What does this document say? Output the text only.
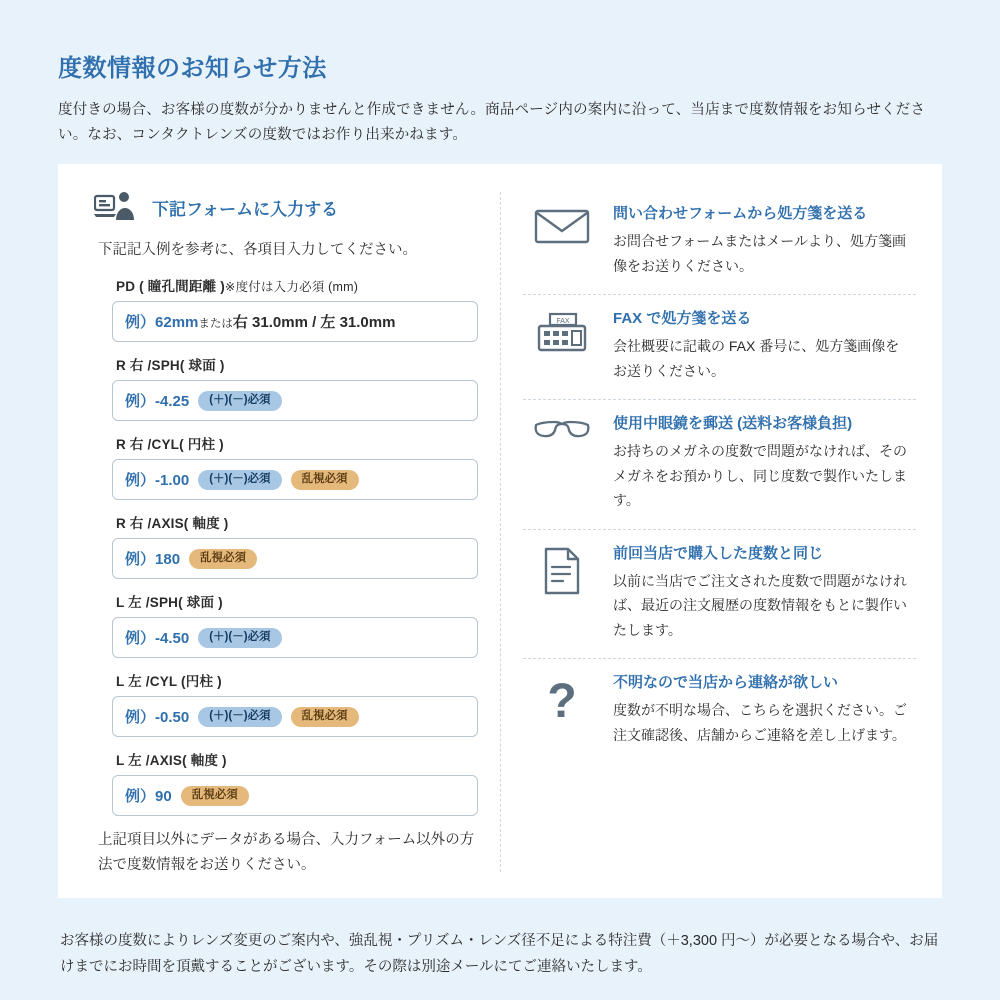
度数情報のお知らせ方法

度付きの場合、お客様の度数が分かりませんと作成できません。商品ページ内の案内に沿って、当店まで度数情報をお知らせください。なお、コンタクトレンズの度数ではお作り出来かねます。

下記フォームに入力する

下記記入例を参考に、各項目入力してください。

PD ( 瞳孔間距離 )※度付は入力必須 (mm)
例）62mmまたは右 31.0mm / 左 31.0mm
R 右 /SPH( 球面 )
例）-4.25	(＋)(－)必須
R 右 /CYL( 円柱 )
例）-1.00	(＋)(－)必須	乱視必須
R 右 /AXIS( 軸度 )
例）180	乱視必須
L 左 /SPH( 球面 )
例）-4.50	(＋)(－)必須
L 左 /CYL (円柱 )
例）-0.50	(＋)(－)必須	乱視必須
L 左 /AXIS( 軸度 )
例）90	乱視必須

上記項目以外にデータがある場合、入力フォーム以外の方法で度数情報をお送りください。

問い合わせフォームから処方箋を送る
お問合せフォームまたはメールより、処方箋画像をお送りください。
FAX	FAX で処方箋を送る
会社概要に記載の FAX 番号に、処方箋画像をお送りください。
使用中眼鏡を郵送 (送料お客様負担)
お持ちのメガネの度数で問題がなければ、そのメガネをお預かりし、同じ度数で製作いたします。
前回当店で購入した度数と同じ
以前に当店でご注文された度数で問題がなければ、最近の注文履歴の度数情報をもとに製作いたします。
? 不明なので当店から連絡が欲しい
度数が不明な場合、こちらを選択ください。ご注文確認後、店舗からご連絡を差し上げます。

お客様の度数によりレンズ変更のご案内や、強乱視・プリズム・レンズ径不足による特注費（＋3,300 円〜）が必要となる場合や、お届けまでにお時間を頂戴することがございます。その際は別途メールにてご連絡いたします。
